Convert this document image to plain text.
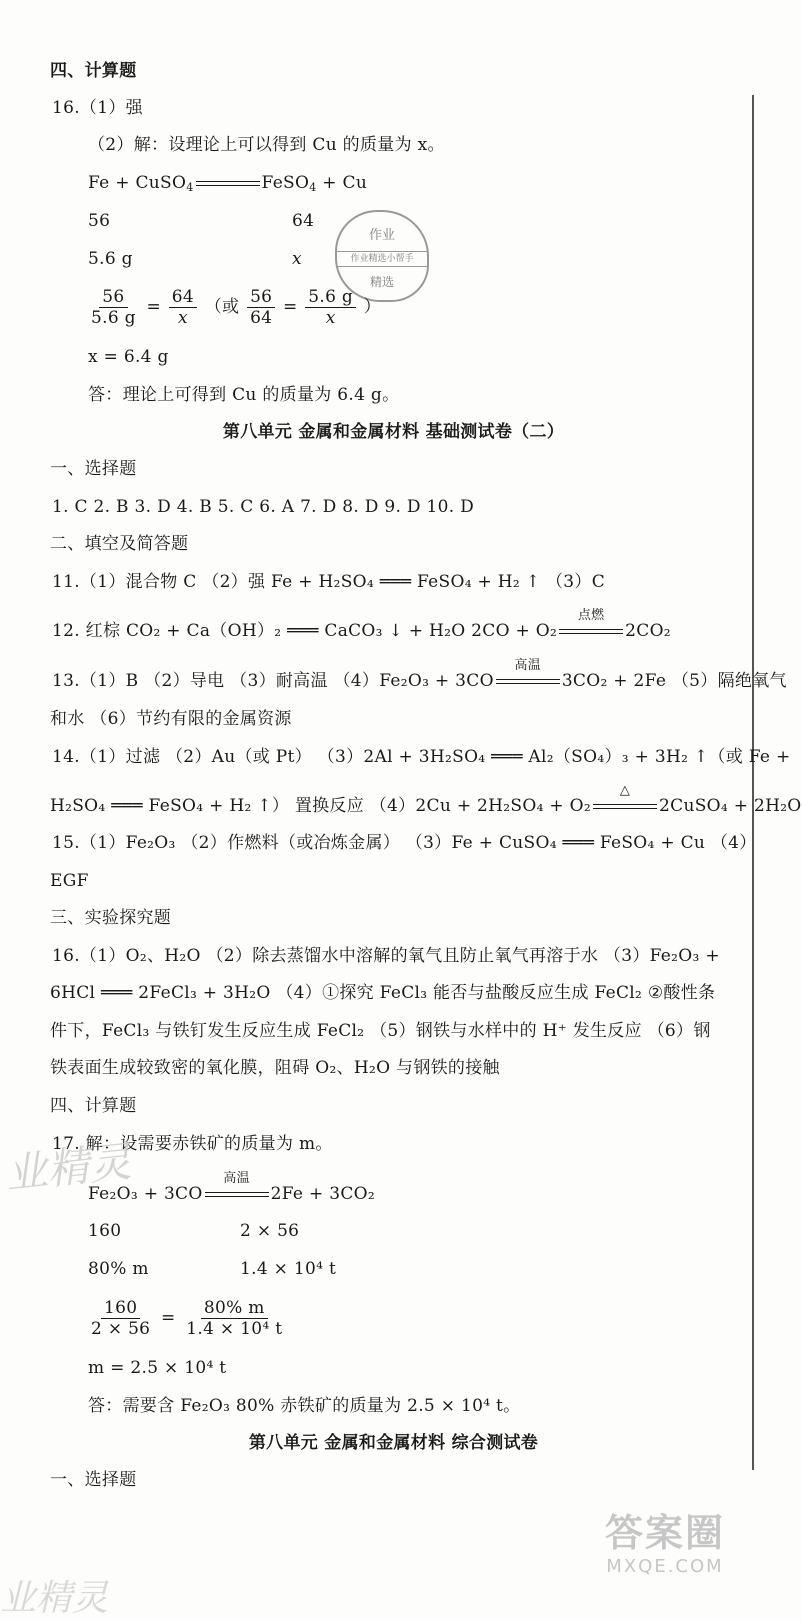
四、计算题
16.（1）强
（2）解：设理论上可以得到 Cu 的质量为 x。
Fe + CuSO$_4$	FeSO$_4$ + Cu
56	64
5.6 g	x
作业
作业精选小帮手
精选
$\frac{56}{5.6 g} = \frac{64}{x}$ （或 $\frac{56}{64} = \frac{5.6 g}{x}$ ）
x = 6.4 g
答：理论上可得到 Cu 的质量为 6.4 g。
第八单元 金属和金属材料 基础测试卷（二）
一、选择题
1. C 2. B 3. D 4. B 5. C 6. A 7. D 8. D 9. D 10. D
二、填空及简答题
11.（1）混合物 C （2）强 Fe + H₂SO₄ ═══ FeSO₄ + H₂ ↑ （3）C
12. 红棕 CO₂ + Ca（OH）₂ ═══ CaCO₃ ↓ + H₂O 2CO + O₂
点燃
2CO₂
13.（1）B （2）导电 （3）耐高温 （4）Fe₂O₃ + 3CO
高温
3CO₂ + 2Fe （5）隔绝氧气
和水 （6）节约有限的金属资源
14.（1）过滤 （2）Au（或 Pt） （3）2Al + 3H₂SO₄ ═══ Al₂（SO₄）₃ + 3H₂ ↑（或 Fe +
H₂SO₄ ═══ FeSO₄ + H₂ ↑） 置换反应 （4）2Cu + 2H₂SO₄ + O₂
△
2CuSO₄ + 2H₂O
15.（1）Fe₂O₃ （2）作燃料（或冶炼金属） （3）Fe + CuSO₄ ═══ FeSO₄ + Cu （4）
EGF
三、实验探究题
16.（1）O₂、H₂O （2）除去蒸馏水中溶解的氧气且防止氧气再溶于水 （3）Fe₂O₃ +
6HCl ═══ 2FeCl₃ + 3H₂O （4）①探究 FeCl₃ 能否与盐酸反应生成 FeCl₂ ②酸性条
件下，FeCl₃ 与铁钉发生反应生成 FeCl₂ （5）钢铁与水样中的 H⁺ 发生反应 （6）钢
铁表面生成较致密的氧化膜，阻碍 O₂、H₂O 与钢铁的接触
四、计算题
17. 解：设需要赤铁矿的质量为 m。
Fe₂O₃ + 3CO
高温
2Fe + 3CO₂
160	2 × 56
80% m	1.4 × 10⁴ t
$\frac{160}{2 \times 56} = \frac{80\% m}{\text{1.4 × 10⁴ t}}$
m = 2.5 × 10⁴ t
答：需要含 Fe₂O₃ 80% 赤铁矿的质量为 2.5 × 10⁴ t。
第八单元 金属和金属材料 综合测试卷
一、选择题
业精灵
业精灵
答案圈
MXQE.COM
